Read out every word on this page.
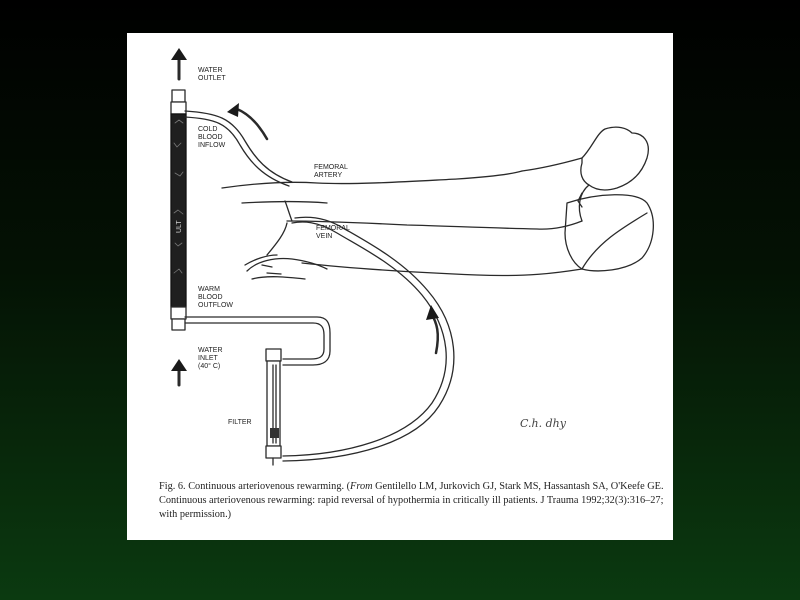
ULT
WATER
OUTLET
COLD
BLOOD
INFLOW
FEMORAL
ARTERY
FEMORAL
VEIN
WARM
BLOOD
OUTFLOW
WATER
INLET
(40° C)
FILTER	C.h. dhy
Fig. 6. Continuous arteriovenous rewarming. (From Gentilello LM, Jurkovich GJ, Stark MS, Hassantash SA, O'Keefe GE. Continuous arteriovenous rewarming: rapid reversal of hypothermia in critically ill patients. J Trauma 1992;32(3):316–27; with permission.)
